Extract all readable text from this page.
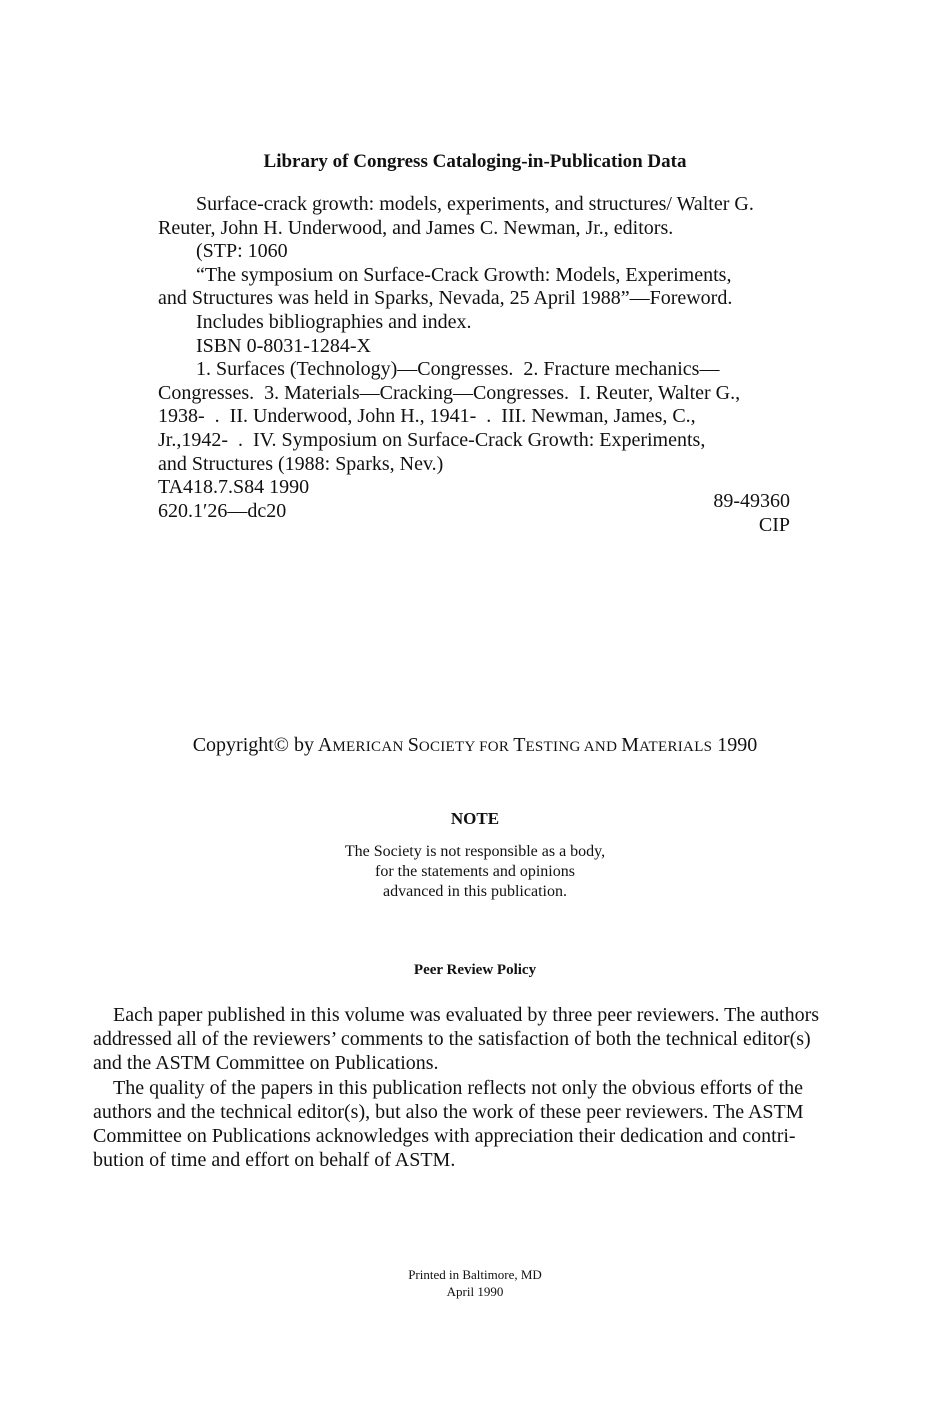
Library of Congress Cataloging-in-Publication Data
Surface-crack growth: models, experiments, and structures/ Walter G.
Reuter, John H. Underwood, and James C. Newman, Jr., editors.
(STP: 1060
“The symposium on Surface-Crack Growth: Models, Experiments,
and Structures was held in Sparks, Nevada, 25 April 1988”—Foreword.
Includes bibliographies and index.
ISBN 0-8031-1284-X
1. Surfaces (Technology)—Congresses.  2. Fracture mechanics—
Congresses.  3. Materials—Cracking—Congresses.  I. Reuter, Walter G.,
1938-  .  II. Underwood, John H., 1941-  .  III. Newman, James, C.,
Jr.,1942-  .  IV. Symposium on Surface-Crack Growth: Experiments,
and Structures (1988: Sparks, Nev.)
TA418.7.S84 1990
620.1′26—dc20	89-49360
CIP

Copyright© by AMERICAN SOCIETY FOR TESTING AND MATERIALS 1990

NOTE
The Society is not responsible as a body,
for the statements and opinions
advanced in this publication.
Peer Review Policy
Each paper published in this volume was evaluated by three peer reviewers. The authors
addressed all of the reviewers’ comments to the satisfaction of both the technical editor(s)
and the ASTM Committee on Publications.
The quality of the papers in this publication reflects not only the obvious efforts of the
authors and the technical editor(s), but also the work of these peer reviewers. The ASTM
Committee on Publications acknowledges with appreciation their dedication and contri-
bution of time and effort on behalf of ASTM.
Printed in Baltimore, MD
April 1990
